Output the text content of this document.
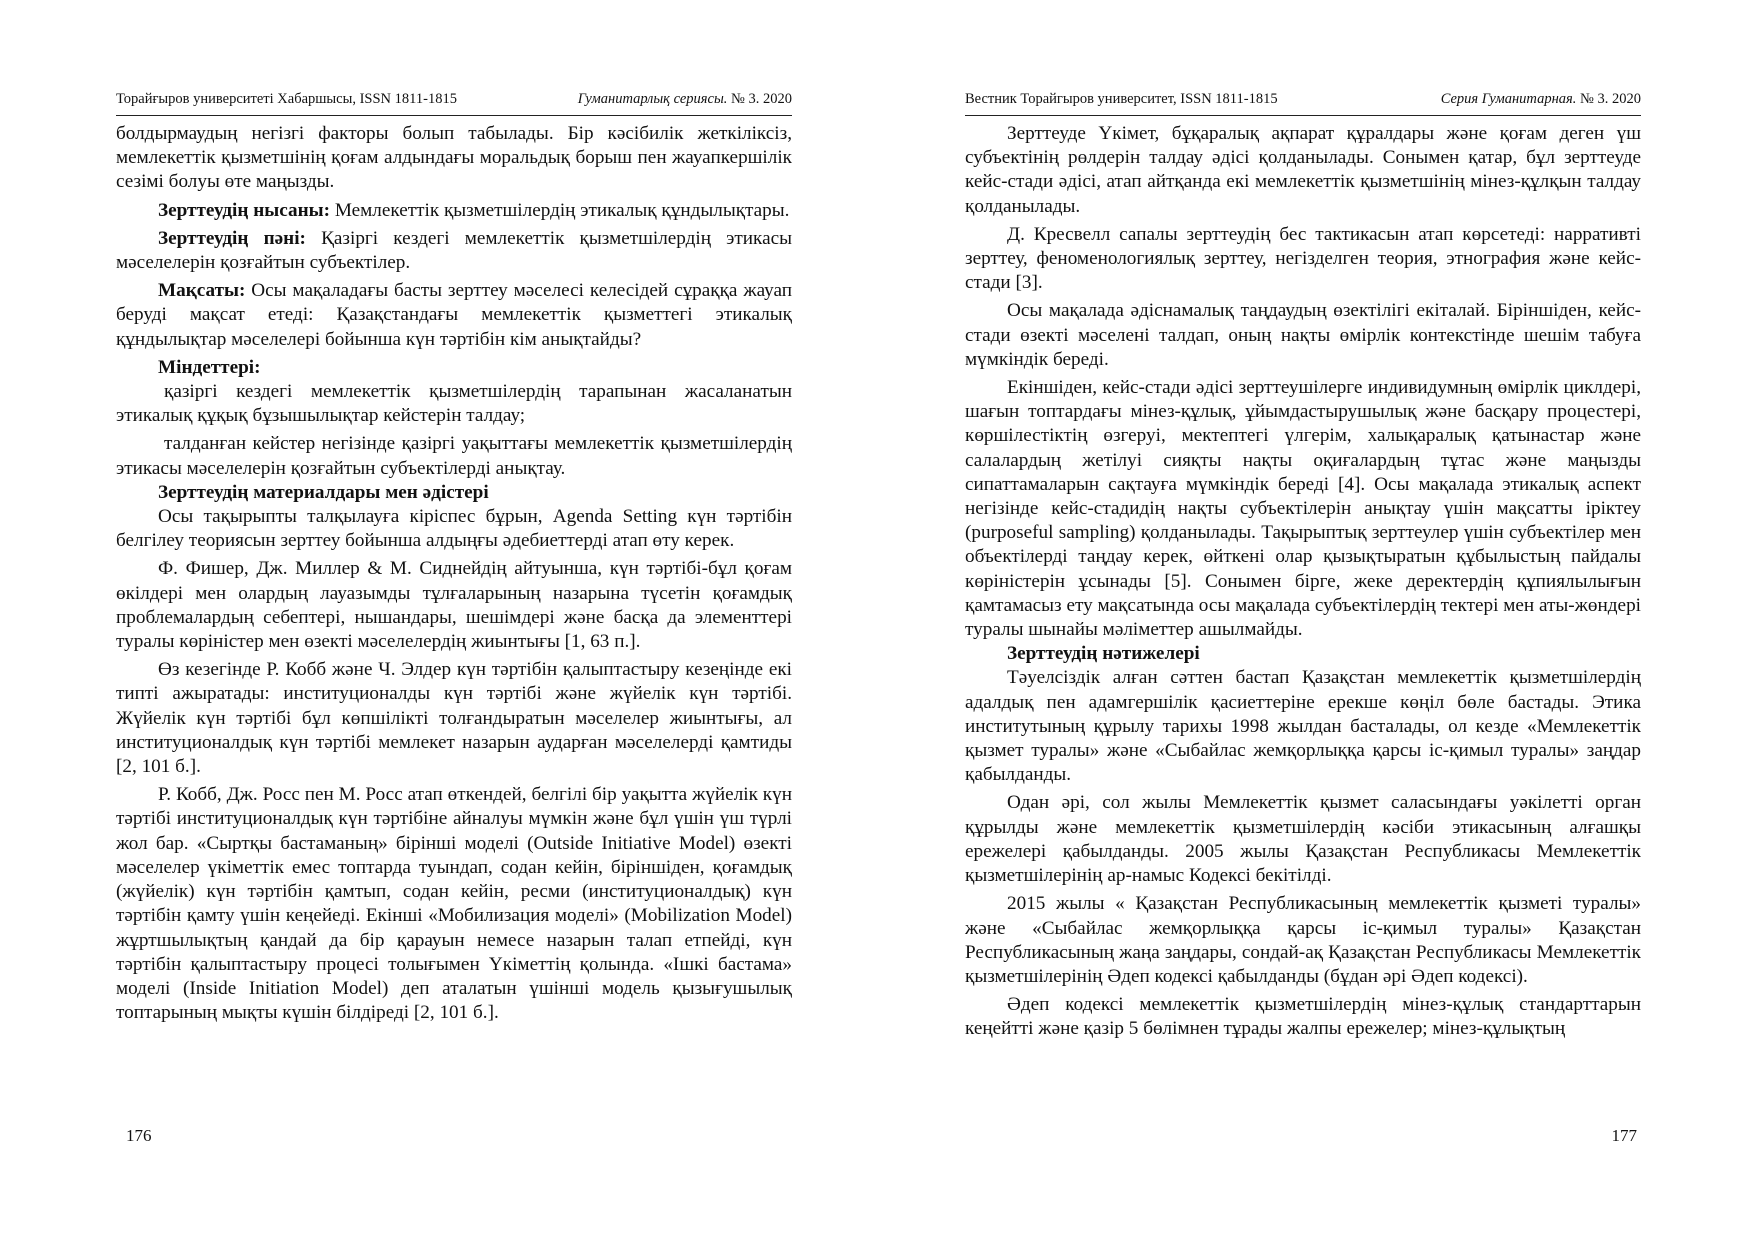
Торайғыров университеті Хабаршысы, ISSN 1811-1815	Гуманитарлық сериясы. № 3. 2020

болдырмаудың негізгі факторы болып табылады. Бір кәсібилік жеткіліксіз, мемлекеттік қызметшінің қоғам алдындағы моральдық борыш пен жауапкершілік сезімі болуы өте маңызды.

Зерттеудің нысаны: Мемлекеттік қызметшілердің этикалық құндылықтары.

Зерттеудің пәні: Қазіргі кездегі мемлекеттік қызметшілердің этикасы мәселелерін қозғайтын субъектілер.

Мақсаты: Осы мақаладағы басты зерттеу мәселесі келесідей сұраққа жауап беруді мақсат етеді: Қазақстандағы мемлекеттік қызметтегі этикалық құндылықтар мәселелері бойынша күн тәртібін кім анықтайды?

Міндеттері:

қазіргі кездегі мемлекеттік қызметшілердің тарапынан жасаланатын этикалық құқық бұзышылықтар кейстерін талдау;

талданған кейстер негізінде қазіргі уақыттағы мемлекеттік қызметшілердің этикасы мәселелерін қозғайтын субъектілерді анықтау.

Зерттеудің материалдары мен әдістері

Осы тақырыпты талқылауға кіріспес бұрын, Agenda Setting күн тәртібін белгілеу теориясын зерттеу бойынша алдыңғы әдебиеттерді атап өту керек.

Ф. Фишер, Дж. Миллер & М. Сиднейдің айтуынша, күн тәртібі-бұл қоғам өкілдері мен олардың лауазымды тұлғаларының назарына түсетін қоғамдық проблемалардың себептері, нышандары, шешімдері және басқа да элементтері туралы көріністер мен өзекті мәселелердің жиынтығы [1, 63 п.].

Өз кезегінде Р. Кобб және Ч. Элдер күн тәртібін қалыптастыру кезеңінде екі типті ажыратады: институционалды күн тәртібі және жүйелік күн тәртібі. Жүйелік күн тәртібі бұл көпшілікті толғандыратын мәселелер жиынтығы, ал институционалдық күн тәртібі мемлекет назарын аударған мәселелерді қамтиды [2, 101 б.].

Р. Кобб, Дж. Росс пен М. Росс атап өткендей, белгілі бір уақытта жүйелік күн тәртібі институционалдық күн тәртібіне айналуы мүмкін және бұл үшін үш түрлі жол бар. «Сыртқы бастаманың» бірінші моделі (Outside Initiative Model) өзекті мәселелер үкіметтік емес топтарда туындап, содан кейін, біріншіден, қоғамдық (жүйелік) күн тәртібін қамтып, содан кейін, ресми (институционалдық) күн тәртібін қамту үшін кеңейеді. Екінші «Мобилизация моделі» (Mobilization Model) жұртшылықтың қандай да бір қарауын немесе назарын талап етпейді, күн тәртібін қалыптастыру процесі толығымен Үкіметтің қолында. «Ішкі бастама» моделі (Inside Initiation Model) деп аталатын үшінші модель қызығушылық топтарының мықты күшін білдіреді [2, 101 б.].

176
Вестник Торайгыров университет, ISSN 1811-1815	Серия Гуманитарная. № 3. 2020

Зерттеуде Үкімет, бұқаралық ақпарат құралдары және қоғам деген үш субъектінің рөлдерін талдау әдісі қолданылады. Сонымен қатар, бұл зерттеуде кейс-стади әдісі, атап айтқанда екі мемлекеттік қызметшінің мінез-құлқын талдау қолданылады.

Д. Кресвелл сапалы зерттеудің бес тактикасын атап көрсетеді: нарративті зерттеу, феноменологиялық зерттеу, негізделген теория, этнография және кейс-стади [3].

Осы мақалада әдіснамалық таңдаудың өзектілігі екіталай. Біріншіден, кейс-стади өзекті мәселені талдап, оның нақты өмірлік контекстінде шешім табуға мүмкіндік береді.

Екіншіден, кейс-стади әдісі зерттеушілерге индивидумның өмірлік циклдері, шағын топтардағы мінез-құлық, ұйымдастырушылық және басқару процестері, көршілестіктің өзгеруі, мектептегі үлгерім, халықаралық қатынастар және салалардың жетілуі сияқты нақты оқиғалардың тұтас және маңызды сипаттамаларын сақтауға мүмкіндік береді [4]. Осы мақалада этикалық аспект негізінде кейс-стадидің нақты субъектілерін анықтау үшін мақсатты іріктеу (purposeful sampling) қолданылады. Тақырыптық зерттеулер үшін субъектілер мен объектілерді таңдау керек, өйткені олар қызықтыратын құбылыстың пайдалы көріністерін ұсынады [5]. Сонымен бірге, жеке деректердің құпиялылығын қамтамасыз ету мақсатында осы мақалада субъектілердің тектері мен аты-жөндері туралы шынайы мәліметтер ашылмайды.

Зерттеудің нәтижелері

Тәуелсіздік алған сәттен бастап Қазақстан мемлекеттік қызметшілердің адалдық пен адамгершілік қасиеттеріне ерекше көңіл бөле бастады. Этика институтының құрылу тарихы 1998 жылдан басталады, ол кезде «Мемлекеттік қызмет туралы» және «Сыбайлас жемқорлыққа қарсы іс-қимыл туралы» заңдар қабылданды.

Одан әрі, сол жылы Мемлекеттік қызмет саласындағы уәкілетті орган құрылды және мемлекеттік қызметшілердің кәсіби этикасының алғашқы ережелері қабылданды. 2005 жылы Қазақстан Республикасы Мемлекеттік қызметшілерінің ар-намыс Кодексі бекітілді.

2015 жылы « Қазақстан Республикасының мемлекеттік қызметі туралы» және «Сыбайлас жемқорлыққа қарсы іс-қимыл туралы» Қазақстан Республикасының жаңа заңдары, сондай-ақ Қазақстан Республикасы Мемлекеттік қызметшілерінің Әдеп кодексі қабылданды (бұдан әрі Әдеп кодексі).

Әдеп кодексі мемлекеттік қызметшілердің мінез-құлық стандарттарын кеңейтті және қазір 5 бөлімнен тұрады жалпы ережелер; мінез-құлықтың

177
